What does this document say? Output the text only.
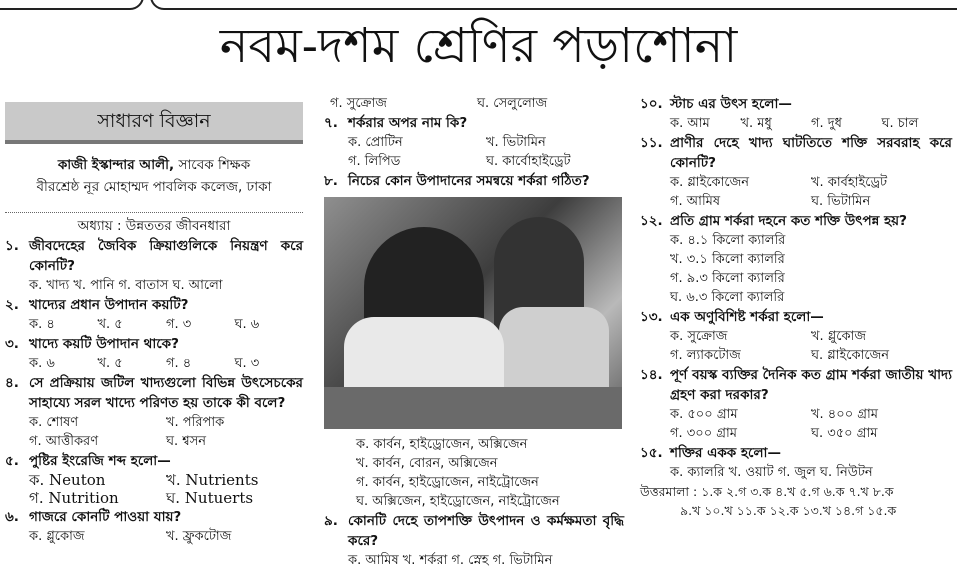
নবম-দশম শ্রেণির পড়াশোনা
সাধারণ বিজ্ঞান
কাজী ইস্কান্দার আলী, সাবেক শিক্ষক
বীরশ্রেষ্ঠ নূর মোহাম্মদ পাবলিক কলেজ, ঢাকা
অধ্যায় : উন্নততর জীবনধারা
১. জীবদেহের জৈবিক ক্রিয়াগুলিকে নিয়ন্ত্রণ করে কোনটি?
ক. খাদ্য খ. পানি গ. বাতাস ঘ. আলো
২. খাদ্যের প্রধান উপাদান কয়টি?
ক. ৪	খ. ৫	গ. ৩	ঘ. ৬
৩. খাদ্যে কয়টি উপাদান থাকে?
ক. ৬	খ. ৫	গ. ৪	ঘ. ৩
৪. সে প্রক্রিয়ায় জটিল খাদ্যগুলো বিভিন্ন উৎসেচকের সাহায্যে সরল খাদ্যে পরিণত হয় তাকে কী বলে?
ক. শোষণ	খ. পরিপাক
গ. আত্তীকরণ	ঘ. শ্বসন
৫. পুষ্টির ইংরেজি শব্দ হলো—
ক. Neuton	খ. Nutrients
গ. Nutrition	ঘ. Nutuerts
৬. গাজরে কোনটি পাওয়া যায়?
ক. গ্লুকোজ	খ. ফ্রুকটোজ
গ. সুক্রোজ	ঘ. সেলুলোজ
৭. শর্করার অপর নাম কি?
ক. প্রোটিন	খ. ভিটামিন
গ. লিপিড	ঘ. কার্বোহাইড্রেট
৮. নিচের কোন উপাদানের সমন্বয়ে শর্করা গঠিত?
ক. কার্বন, হাইড্রোজেন, অক্সিজেন
খ. কার্বন, বোরন, অক্সিজেন
গ. কার্বন, হাইড্রোজেন, নাইট্রোজেন
ঘ. অক্সিজেন, হাইড্রোজেন, নাইট্রোজেন
৯. কোনটি দেহে তাপশক্তি উৎপাদন ও কর্মক্ষমতা বৃদ্ধি করে?
ক. আমিষ খ. শর্করা গ. স্নেহ গ. ভিটামিন
১০. স্টাচ এর উৎস হলো—
ক. আম	খ. মধু	গ. দুধ	ঘ. চাল
১১. প্রাণীর দেহে খাদ্য ঘাটতিতে শক্তি সরবরাহ করে কোনটি?
ক. গ্লাইকোজেন	খ. কার্বহাইড্রেট
গ. আমিষ	ঘ. ভিটামিন
১২. প্রতি গ্রাম শর্করা দহনে কত শক্তি উৎপন্ন হয়?
ক. ৪.১ কিলো ক্যালরি
খ. ৩.১ কিলো ক্যালরি
গ. ৯.৩ কিলো ক্যালরি
ঘ. ৬.৩ কিলো ক্যালরি
১৩. এক অণুবিশিষ্ট শর্করা হলো—
ক. সুক্রোজ	খ. গ্লুকোজ
গ. ল্যাকটোজ	ঘ. গ্লাইকোজেন
১৪. পূর্ণ বয়স্ক ব্যক্তির দৈনিক কত গ্রাম শর্করা জাতীয় খাদ্য গ্রহণ করা দরকার?
ক. ৫০০ গ্রাম	খ. ৪০০ গ্রাম
গ. ৩০০ গ্রাম	ঘ. ৩৫০ গ্রাম
১৫. শক্তির একক হলো—
ক. ক্যালরি খ. ওয়াট গ. জুল ঘ. নিউটন
উত্তরমালা : ১.ক ২.গ ৩.ক ৪.খ ৫.গ ৬.ক ৭.খ ৮.ক
৯.খ ১০.খ ১১.ক ১২.ক ১৩.খ ১৪.গ ১৫.ক
